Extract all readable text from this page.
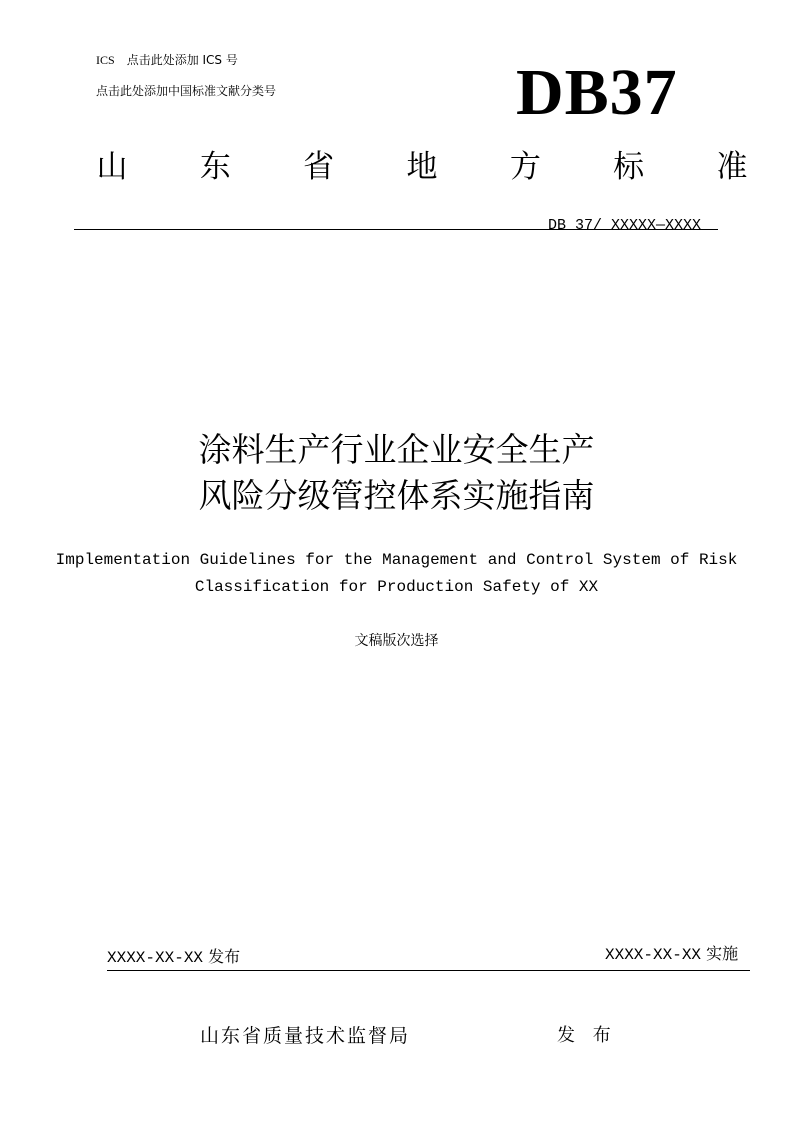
ICS 点击此处添加 ICS 号
点击此处添加中国标准文献分类号	DB37
山 东 省 地 方 标 准
DB 37/ XXXXX—XXXX
涂料生产行业企业安全生产
风险分级管控体系实施指南
Implementation Guidelines for the Management and Control System of Risk
Classification for Production Safety of XX
文稿版次选择
XXXX-XX-XX 发布	XXXX-XX-XX 实施
山东省质量技术监督局	发 布
